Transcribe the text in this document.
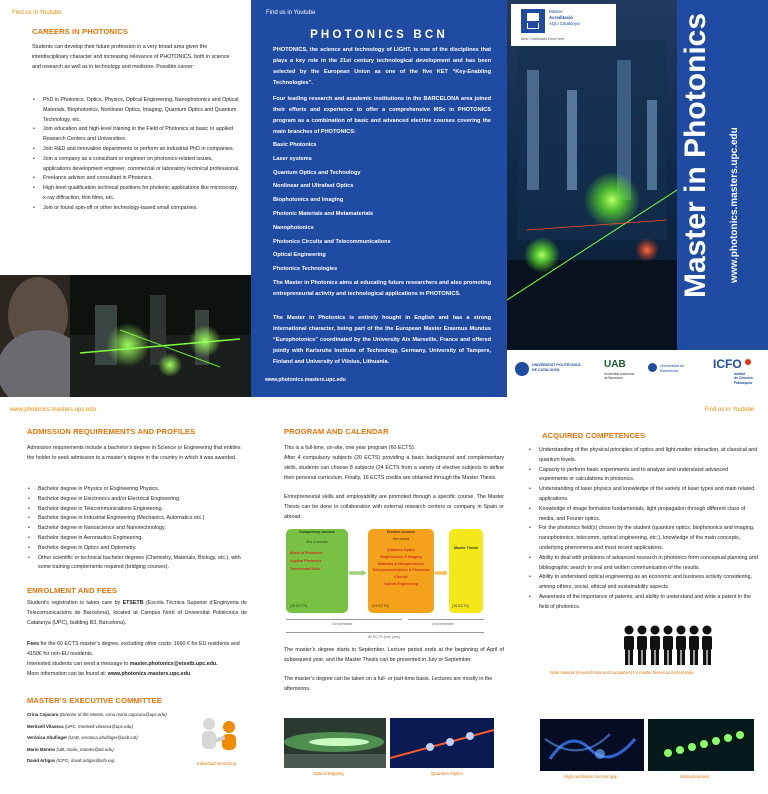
Find us in Youtube
CAREERS IN PHOTONICS
Students can develop their future profession in a very broad area given the interdisciplinary character and increasing relevance of PHOTONICS, both in science and research as well as in technology and medicine. Possible career:
• PhD in Photonics, Optics, Physics, Optical Engineering, Nanophotonics and Optical Materials, Biophotonics, Nonlinear Optics, Imaging, Quantum Optics and Quantum Technology, etc.
• Join education and high-level training in the Field of Photonics at basic or applied Research Centers and Universities.
• Join R&D and innovation departments or perform an industrial PhD in companies.
• Join a company as a consultant or engineer on photonics-related issues, applications development engineer, commercial or laboratory technical professional.
• Freelance advisor and consultant in Photonics.
• High-level qualification technical positions for photonic applications like microscopy, x-ray diffraction, thin films, etc.
• Join or found spin-off or other technology-based small companies.
Find us in Youtube
PHOTONICS BCN
PHOTONICS, the science and technology of LIGHT, is one of the disciplines that plays a key role in the 21st century technological development and has been selected by the European Union as one of the five KET “Key-Enabling Technologies”.
Four leading research and academic institutions in the BARCELONA area joined their efforts and experience to offer a comprehensive MSc in PHOTONICS program as a combination of basic and advanced elective courses covering the main branches of PHOTONICS:
Basic Photonics
Laser systems
Quantum Optics and Technology
Nonlinear and Ultrafast Optics
Biophotonics and Imaging
Photonic Materials and Metamaterials
Nanophotonics
Photonics Circuits and Telecommunications
Optical Engineering
Photonics Technologies
The Master in Photonics aims at educating future researchers and also promoting entrepreneurial activity and technological applications in PHOTONICS.
The Master in Photonics is entirely hought in English and has a strong international character, being part of the the European Master Erasmus Mundus “Europhotonics” coordinated by the University Aix Marseille, France and offered jointly with Karlsruhe Institute of Technology, Germany, University of Tampere, Finland and University of Vilnius, Lithuania.
www.photonics.masters.upc.edu
Master in Photonics www.photonics.masters.upc.edu
Màster
Acreditació
AQU Catalunya
Amb Certificació Excel·lent
UNIVERSITAT POLITÈCNICA
DE CATALUNYA	UAB
Universitat Autònoma
de Barcelona
Universitat de
Barcelona	ICFO
Institut
de Ciències
Fotòniques
www.photonics.masters.upc.edu	Find us in Youtube
ADMISSION REQUIREMENTS AND PROFILES
Admission requirements include a bachelor’s degree in Science or Engineering that entitles the holder to seek admission to a master’s degree in the country in which it was awarded.
• Bachelor degree in Physics or Engineering Physics.
• Bachelor degree in Electronics and/or Electrical Engineering.
• Bachelor degree in Telecommunications Engineering.
• Bachelor degree in Industrial Engineering (Mechanics, Automatics etc.)
• Bachelor degree in Nanoscience and Nanotechnology.
• Bachelor degree in Aeronautics Engineering.
• Bachelor degree in Optics and Optometry.
• Other scientific or technical bachelor degrees (Chemistry, Materials, Biology, etc.), with some training complements required (bridging courses).
ENROLMENT AND FEES
Student’s registration is taken care by ETSETB (Escola Tècnica Superior d’Enginyeria de Telecomunicacions de Barcelona), located at Campus Nord of Universitat Politècnica de Catalunya (UPC), building B3, Barcelona).
Fees for the 60 ECTS master’s degree, excluding other costs: 1660 € for EU residents and 4150€ for non-EU residents.
Interested students can send a message to master.photonics@etsetb.upc.edu.
More information can be found at: www.photonics.masters.upc.edu
MASTER’S EXECUTIVE COMMITTEE
Crina Cojocaru (Director of the Master, crina.maria.cojocaru@upc.edu)
Meritxell Vilaseca (UPC, meritxell.vilaseca@upc.edu)
Verónica Ahufinger (UAB, veronica.ahufinger@uab.cat)
Mario Montes (UB, mario_montes@ub.edu)
David Artigas (ICFO, david.artigas@icfo.eu)
Individual mentoring
PROGRAM AND CALENDAR
This is a full-time, on-site, one year program (60 ECTS).
After 4 compulsory subjects (20 ECTS) providing a basic background and complementary skills, students can choose 8 subjects (24 ECTS from a variety of elective subjects to define their personal curriculum. Finally, 16 ECTS credits are obtained through the Master Thesis.
Entrepreneurial skills and employability are promoted through a specific course. The Master Thesis can be done in collaboration with external research centers or company in Spain or abroad.
Compulsory courses
first 4 courses
Basis of Photonics
Applied Photonics
Transversal Skills
(20 ECTS)
Elective courses
free choice
Quantum Optics
Biophotonics & Imaging
Materials & Nanophotonics
Telecommunications & Photonics Circuits
Optical Engineering
(24 ECTS)
Master Thesis
(16 ECTS)
1st semester	2nd semester
60 ECTS (one year)
The master’s degree starts in September. Lecture period ends at the beginning of April of subsequent year, and the Master Thesis can be presented in July or September.
The master’s degree can be taken on a full- or part-time basis. Lectures are mostly in the afternoons.
Optical trapping	Quantum Optics
ACQUIRED COMPETENCES
• Understanding of the physical principles of optics and light-matter interaction, at classical and quantum levels.
• Capacity to perform basic experiments and to analyze and understand advanced experiments or calculations in photonics.
• Understanding of laser physics and knowledge of the variety of laser types and main related applications.
• Knowledge of image formation fundamentals, light propagation through different class of media, and Fourier optics.
• For the photonics field(s) chosen by the student (quantum optics, biophotonics and imaging, nanophotonics, telecomm, optical engineering, etc.), knowledge of the main concepts, underlying phenomena and most recent applications.
• Ability to deal with problems of advanced research in photonics from conceptual planning and bibliographic search to oral and written communication of the results.
• Ability to understand optical engineering as an economic and business activity considering, among others, social, ethical and sustainability aspects.
• Awareness of the importance of patents, and ability to understand and write a patent in the field of photonics.
Wide network (research labs and companies) for master theses and internships
High resolution microscopy	Nanophotonics
